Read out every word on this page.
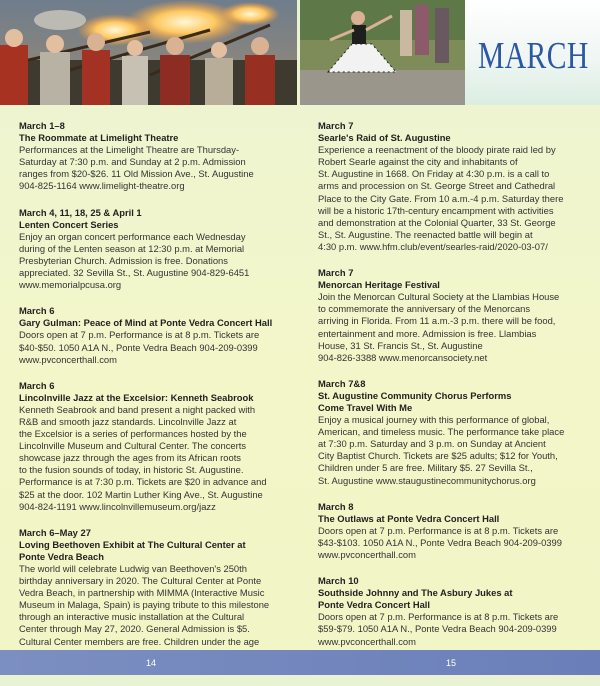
MARCH
March 1–8
The Roommate at Limelight Theatre
Performances at the Limelight Theatre are Thursday-
Saturday at 7:30 p.m. and Sunday at 2 p.m. Admission
ranges from $20-$26. 11 Old Mission Ave., St. Augustine
904-825-1164 www.limelight-theatre.org
March 4, 11, 18, 25 & April 1
Lenten Concert Series
Enjoy an organ concert performance each Wednesday
during of the Lenten season at 12:30 p.m. at Memorial
Presbyterian Church. Admission is free. Donations
appreciated. 32 Sevilla St., St. Augustine 904-829-6451
www.memorialpcusa.org
March 6
Gary Gulman: Peace of Mind at Ponte Vedra Concert Hall
Doors open at 7 p.m. Performance is at 8 p.m. Tickets are
$40-$50. 1050 A1A N., Ponte Vedra Beach 904-209-0399
www.pvconcerthall.com
March 6
Lincolnville Jazz at the Excelsior: Kenneth Seabrook
Kenneth Seabrook and band present a night packed with
R&B and smooth jazz standards. Lincolnville Jazz at
the Excelsior is a series of performances hosted by the
Lincolnville Museum and Cultural Center. The concerts
showcase jazz through the ages from its African roots
to the fusion sounds of today, in historic St. Augustine.
Performance is at 7:30 p.m. Tickets are $20 in advance and
$25 at the door. 102 Martin Luther King Ave., St. Augustine
904-824-1191 www.lincolnvillemuseum.org/jazz
March 6–May 27
Loving Beethoven Exhibit at The Cultural Center at
Ponte Vedra Beach
The world will celebrate Ludwig van Beethoven's 250th
birthday anniversary in 2020. The Cultural Center at Ponte
Vedra Beach, in partnership with MIMMA (Interactive Music
Museum in Malaga, Spain) is paying tribute to this milestone
through an interactive music installation at the Cultural
Center through May 27, 2020. General Admission is $5.
Cultural Center members are free. Children under the age

March 7
Searle's Raid of St. Augustine
Experience a reenactment of the bloody pirate raid led by
Robert Searle against the city and inhabitants of
St. Augustine in 1668. On Friday at 4:30 p.m. is a call to
arms and procession on St. George Street and Cathedral
Place to the City Gate. From 10 a.m.-4 p.m. Saturday there
will be a historic 17th-century encampment with activities
and demonstration at the Colonial Quarter, 33 St. George
St., St. Augustine. The reenacted battle will begin at
4:30 p.m. www.hfm.club/event/searles-raid/2020-03-07/
March 7
Menorcan Heritage Festival
Join the Menorcan Cultural Society at the Llambias House
to commemorate the anniversary of the Menorcans
arriving in Florida. From 11 a.m.-3 p.m. there will be food,
entertainment and more. Admission is free. Llambias
House, 31 St. Francis St., St. Augustine
904-826-3388 www.menorcansociety.net
March 7&8
St. Augustine Community Chorus Performs
Come Travel With Me
Enjoy a musical journey with this performance of global,
American, and timeless music. The performance take place
at 7:30 p.m. Saturday and 3 p.m. on Sunday at Ancient
City Baptist Church. Tickets are $25 adults; $12 for Youth,
Children under 5 are free. Military $5. 27 Sevilla St.,
St. Augustine www.staugustinecommunitychorus.org
March 8
The Outlaws at Ponte Vedra Concert Hall
Doors open at 7 p.m. Performance is at 8 p.m. Tickets are
$43-$103. 1050 A1A N., Ponte Vedra Beach 904-209-0399
www.pvconcerthall.com
March 10
Southside Johnny and The Asbury Jukes at
Ponte Vedra Concert Hall
Doors open at 7 p.m. Performance is at 8 p.m. Tickets are
$59-$79. 1050 A1A N., Ponte Vedra Beach 904-209-0399
www.pvconcerthall.com
14	15
